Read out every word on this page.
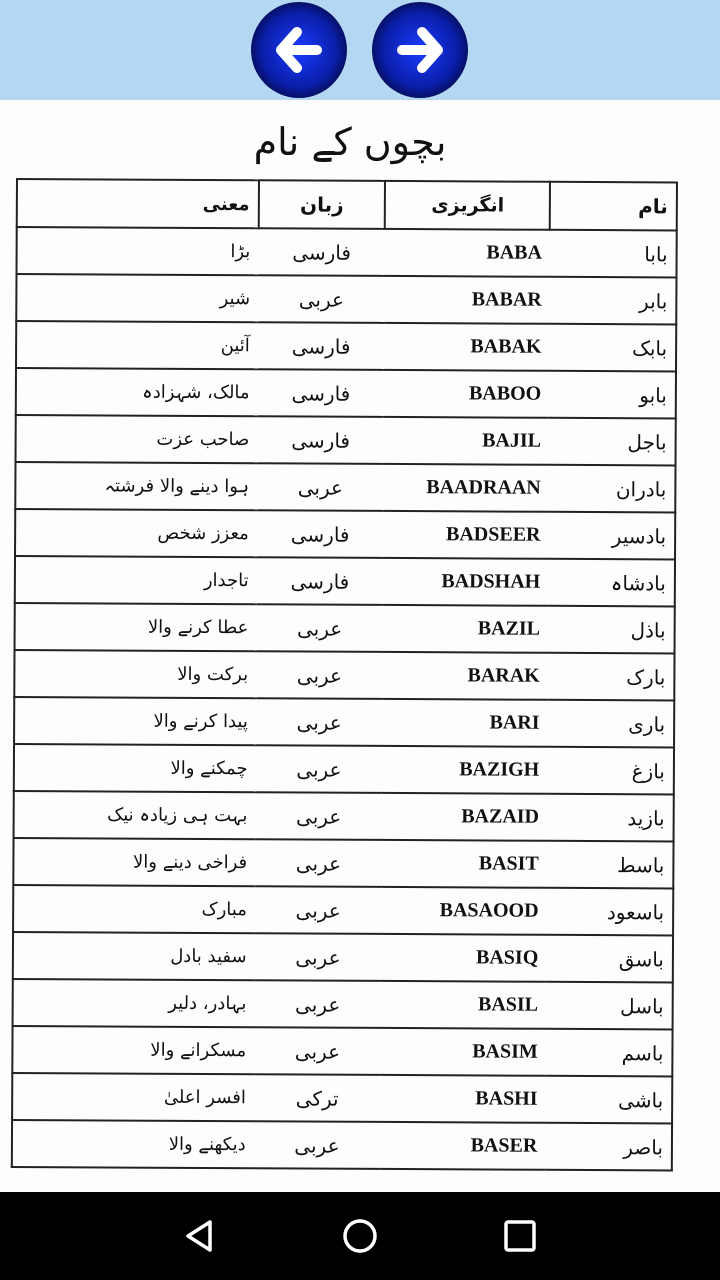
بچوں کے نام
معنی	زبان	انگریزی	نام
بڑا	فارسی	BABA	بابا
شیر	عربی	BABAR	بابر
آئین	فارسی	BABAK	بابک
مالک، شہزادہ	فارسی	BABOO	بابو
صاحب عزت	فارسی	BAJIL	باجل
ہوا دینے والا فرشتہ	عربی	BAADRAAN	بادران
معزز شخص	فارسی	BADSEER	بادسیر
تاجدار	فارسی	BADSHAH	بادشاہ
عطا کرنے والا	عربی	BAZIL	باذل
برکت والا	عربی	BARAK	بارک
پیدا کرنے والا	عربی	BARI	باری
چمکنے والا	عربی	BAZIGH	بازغ
بہت ہی زیادہ نیک	عربی	BAZAID	بازید
فراخی دینے والا	عربی	BASIT	باسط
مبارک	عربی	BASAOOD	باسعود
سفید بادل	عربی	BASIQ	باسق
بہادر، دلیر	عربی	BASIL	باسل
مسکرانے والا	عربی	BASIM	باسم
افسر اعلیٰ	ترکی	BASHI	باشی
دیکھنے والا	عربی	BASER	باصر
